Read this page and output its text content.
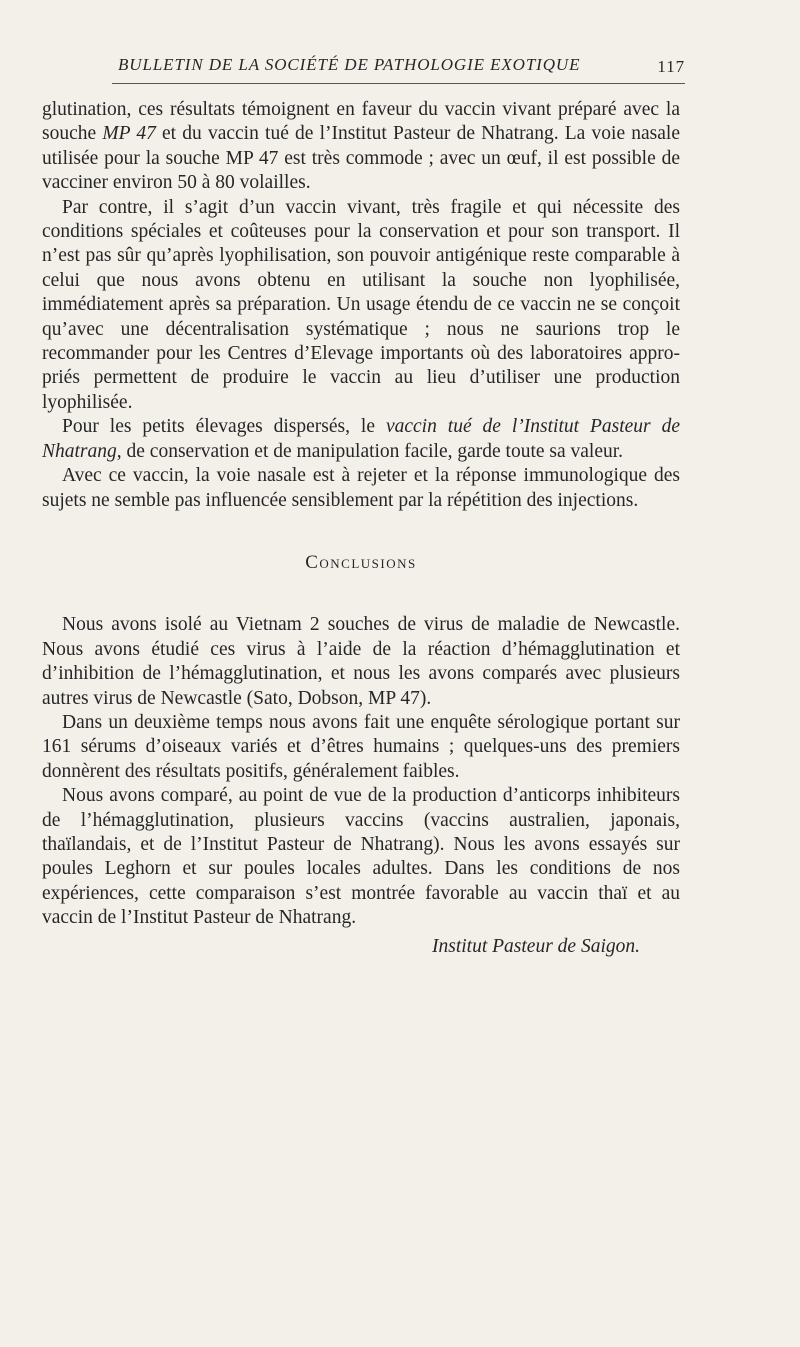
BULLETIN DE LA SOCIÉTÉ DE PATHOLOGIE EXOTIQUE	117

glutination, ces résultats témoignent en faveur du vaccin vivant préparé avec la souche MP 47 et du vaccin tué de l’Institut Pasteur de Nhatrang. La voie nasale utilisée pour la souche MP 47 est très commode ; avec un œuf, il est possible de vacciner environ 50 à 80 volailles.

Par contre, il s’agit d’un vaccin vivant, très fragile et qui nécessite des conditions spéciales et coûteuses pour la conservation et pour son transport. Il n’est pas sûr qu’après lyophilisation, son pouvoir antigénique reste comparable à celui que nous avons obtenu en utilisant la souche non lyophilisée, immédiatement après sa préparation. Un usage étendu de ce vaccin ne se conçoit qu’avec une décentralisation systématique ; nous ne saurions trop le recommander pour les Centres d’Elevage importants où des laboratoires appropriés permettent de produire le vaccin au lieu d’utiliser une production lyophilisée.

Pour les petits élevages dispersés, le vaccin tué de l’Institut Pasteur de Nhatrang, de conservation et de manipulation facile, garde toute sa valeur.

Avec ce vaccin, la voie nasale est à rejeter et la réponse immunologique des sujets ne semble pas influencée sensiblement par la répétition des injections.

Conclusions

Nous avons isolé au Vietnam 2 souches de virus de maladie de Newcastle. Nous avons étudié ces virus à l’aide de la réaction d’hémagglutination et d’inhibition de l’hémagglutination, et nous les avons comparés avec plusieurs autres virus de Newcastle (Sato, Dobson, MP 47).

Dans un deuxième temps nous avons fait une enquête sérologique portant sur 161 sérums d’oiseaux variés et d’êtres humains ; quelques-uns des premiers donnèrent des résultats positifs, généralement faibles.

Nous avons comparé, au point de vue de la production d’anticorps inhibiteurs de l’hémagglutination, plusieurs vaccins (vaccins australien, japonais, thaïlandais, et de l’Institut Pasteur de Nhatrang). Nous les avons essayés sur poules Leghorn et sur poules locales adultes. Dans les conditions de nos expériences, cette comparaison s’est montrée favorable au vaccin thaï et au vaccin de l’Institut Pasteur de Nhatrang.

Institut Pasteur de Saigon.
